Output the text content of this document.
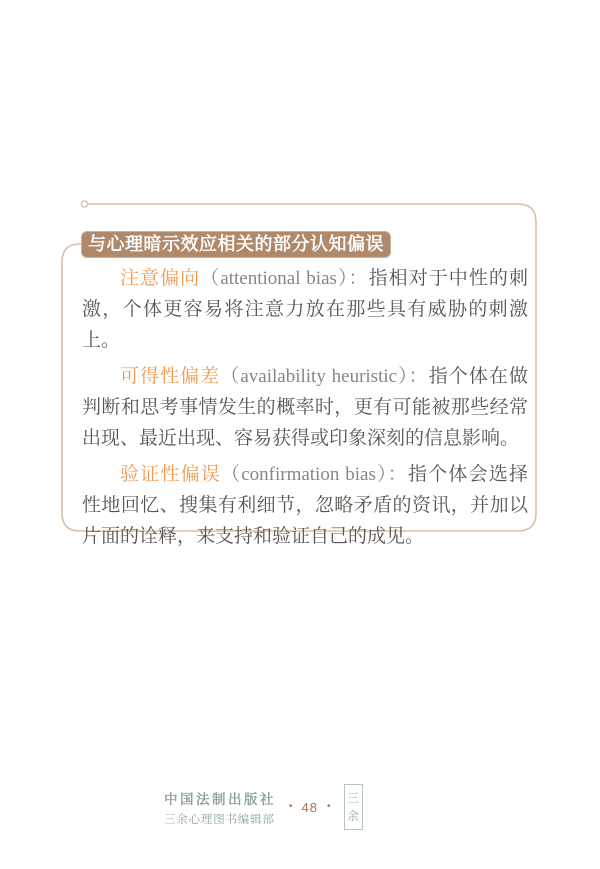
与心理暗示效应相关的部分认知偏误

注意偏向（attentional bias）：指相对于中性的刺激，个体更容易将注意力放在那些具有威胁的刺激上。

可得性偏差（availability heuristic）：指个体在做判断和思考事情发生的概率时，更有可能被那些经常出现、最近出现、容易获得或印象深刻的信息影响。

验证性偏误（confirmation bias）：指个体会选择性地回忆、搜集有利细节，忽略矛盾的资讯，并加以片面的诠释，来支持和验证自己的成见。

中国法制出版社
三余心理图书编辑部
• 48 •
三
余
